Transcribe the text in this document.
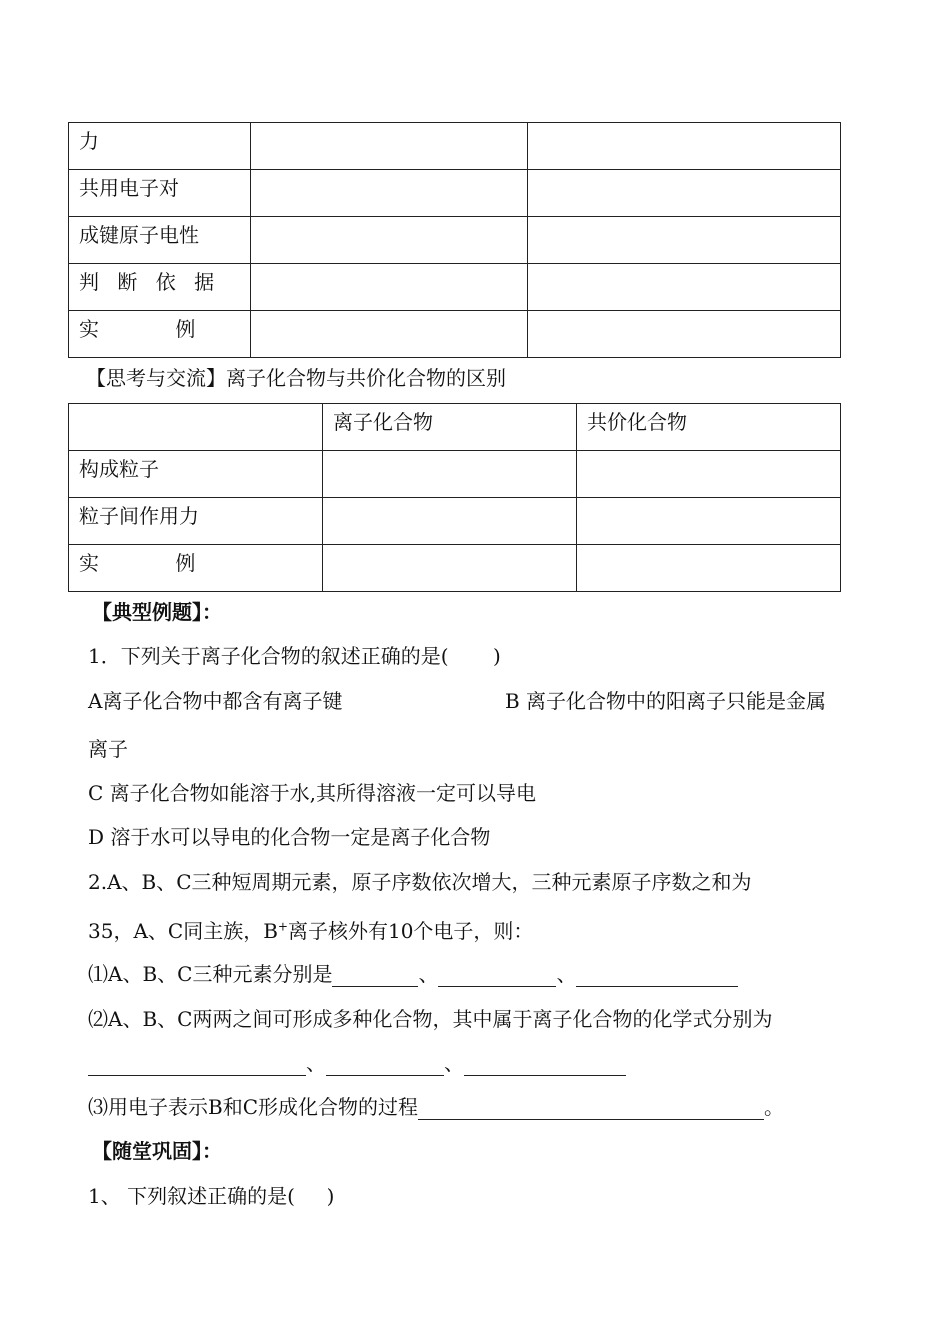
力		
共用电子对		
成键原子电性		
判 断 依 据		
实 例		
【思考与交流】离子化合物与共价化合物的区别
	离子化合物	共价化合物
构成粒子		
粒子间作用力		
实 例		
【典型例题】：
1．下列关于离子化合物的叙述正确的是(       )
A离子化合物中都含有离子键	B 离子化合物中的阳离子只能是金属
离子
C 离子化合物如能溶于水,其所得溶液一定可以导电
D 溶于水可以导电的化合物一定是离子化合物
2.A、B、C三种短周期元素，原子序数依次增大，三种元素原子序数之和为
35，A、C同主族，B+离子核外有10个电子，则：
⑴A、B、C三种元素分别是	、	、
⑵A、B、C两两之间可形成多种化合物，其中属于离子化合物的化学式分别为
、	、
⑶用电子表示B和C形成化合物的过程	。
【随堂巩固】：
1、 下列叙述正确的是(     )
